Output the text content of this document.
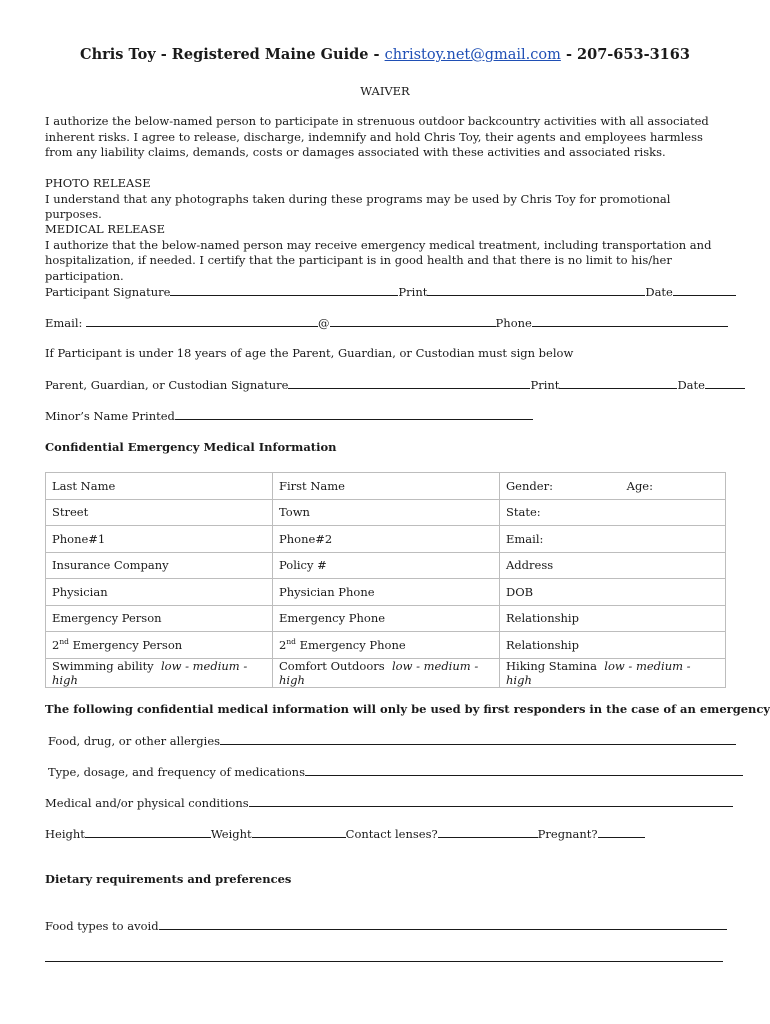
Chris Toy - Registered Maine Guide - christoy.net@gmail.com - 207-653-3163
WAIVER
I authorize the below-named person to participate in strenuous outdoor backcountry activities with all associated inherent risks. I agree to release, discharge, indemnify and hold Chris Toy, their agents and employees harmless from any liability claims, demands, costs or damages associated with these activities and associated risks.
PHOTO RELEASE
I understand that any photographs taken during these programs may be used by Chris Toy for promotional purposes.
MEDICAL RELEASE
I authorize that the below-named person may receive emergency medical treatment, including transportation and hospitalization, if needed. I certify that the participant is in good health and that there is no limit to his/her participation.
Participant Signature	Print	Date
Email:	@	Phone
If Participant is under 18 years of age the Parent, Guardian, or Custodian must sign below
Parent, Guardian, or Custodian Signature	Print	Date
Minor’s Name Printed
Confidential Emergency Medical Information
Last Name	First Name	Gender: Age:

Street	Town	State:
Phone#1	Phone#2	Email:
Insurance Company	Policy #	Address
Physician	Physician Phone	DOB
Emergency Person	Emergency Phone	Relationship
2nd Emergency Person	2nd Emergency Phone	Relationship
Swimming ability low - medium - high	Comfort Outdoors low - medium - high	Hiking Stamina low - medium - high
The following confidential medical information will only be used by first responders in the case of an emergency
Food, drug, or other allergies
Type, dosage, and frequency of medications
Medical and/or physical conditions
Height	Weight	Contact lenses?	Pregnant?
Dietary requirements and preferences
Food types to avoid
